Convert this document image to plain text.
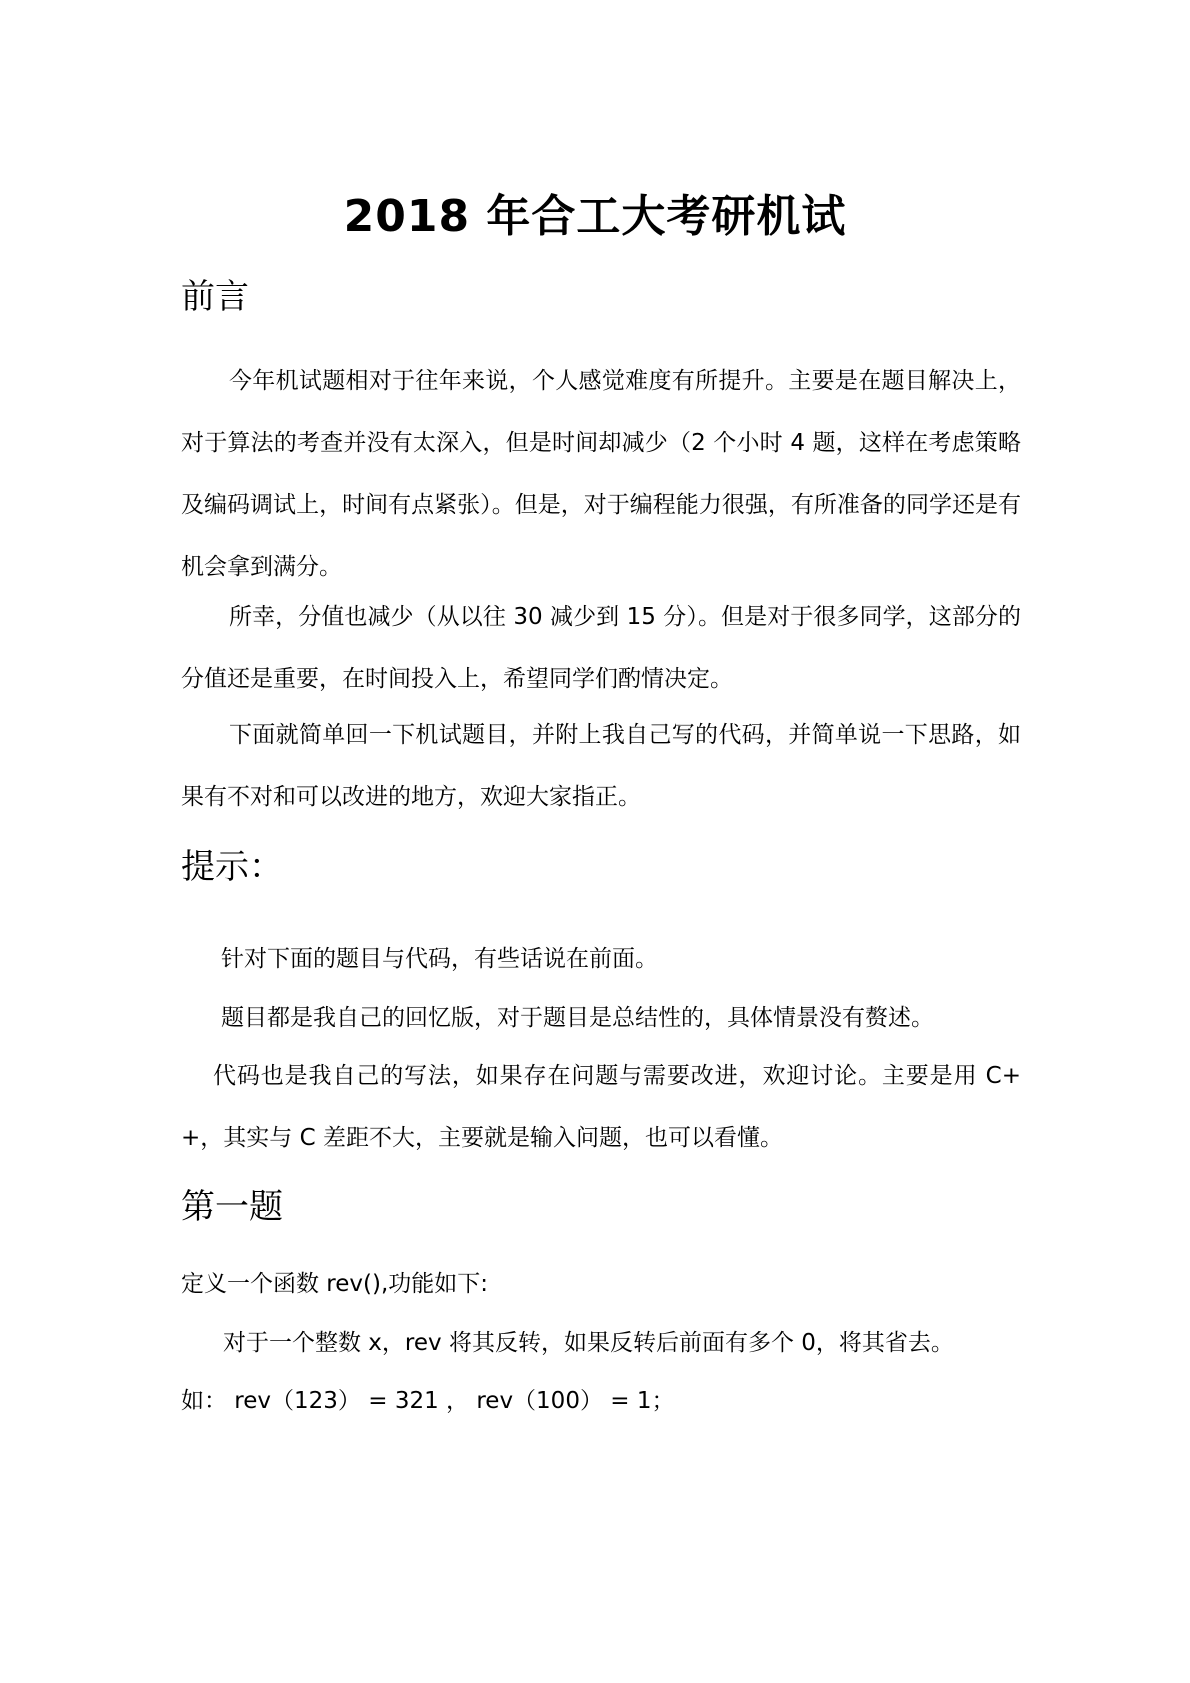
2018 年合工大考研机试
前言
今年机试题相对于往年来说，个人感觉难度有所提升。主要是在题目解决上，对于算法的考查并没有太深入，但是时间却减少（2 个小时 4 题，这样在考虑策略及编码调试上，时间有点紧张）。但是，对于编程能力很强，有所准备的同学还是有机会拿到满分。
所幸，分值也减少（从以往 30 减少到 15 分）。但是对于很多同学，这部分的分值还是重要，在时间投入上，希望同学们酌情决定。
下面就简单回一下机试题目，并附上我自己写的代码，并简单说一下思路，如果有不对和可以改进的地方，欢迎大家指正。
提示：
针对下面的题目与代码，有些话说在前面。
题目都是我自己的回忆版，对于题目是总结性的，具体情景没有赘述。
代码也是我自己的写法，如果存在问题与需要改进，欢迎讨论。主要是用 C++，其实与 C 差距不大，主要就是输入问题，也可以看懂。
第一题
定义一个函数 rev(),功能如下:
对于一个整数 x，rev 将其反转，如果反转后前面有多个 0，将其省去。
如： rev（123） = 321 ， rev（100） = 1；
